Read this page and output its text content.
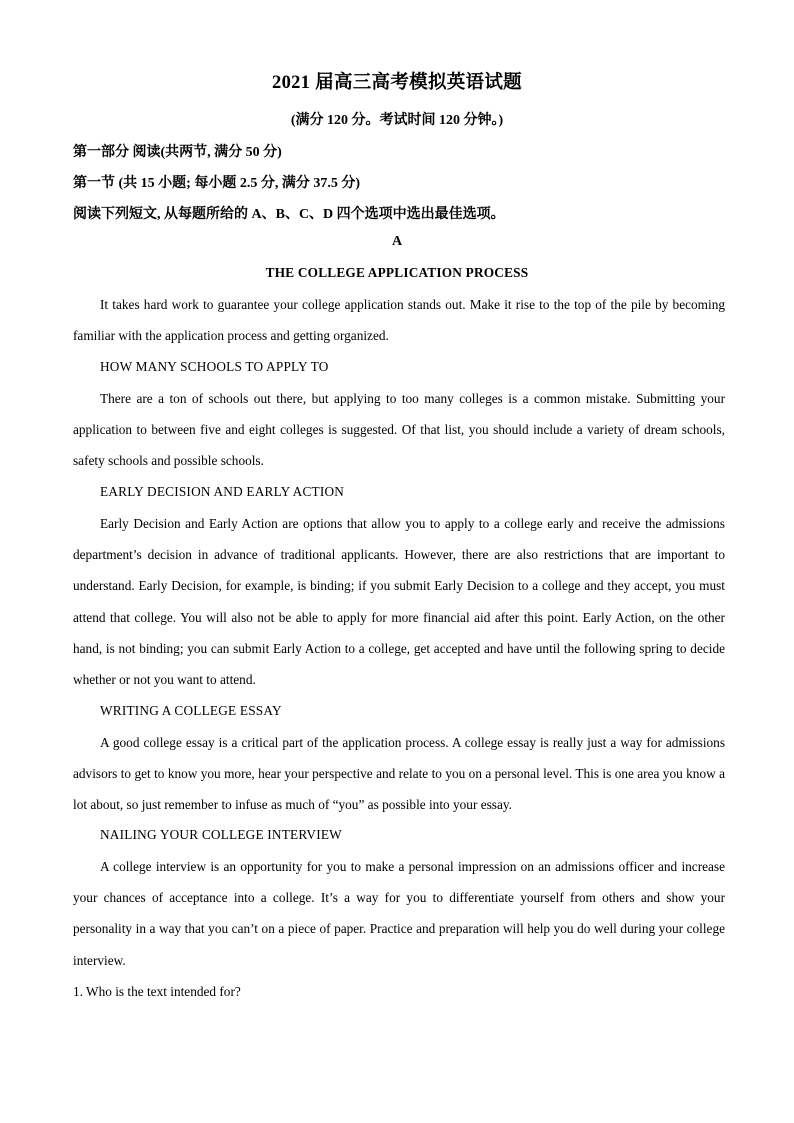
2021 届高三高考模拟英语试题
(满分 120 分。考试时间 120 分钟。)
第一部分 阅读(共两节, 满分 50 分)
第一节 (共 15 小题; 每小题 2.5 分, 满分 37.5 分)
阅读下列短文, 从每题所给的 A、B、C、D 四个选项中选出最佳选项。
A
THE COLLEGE APPLICATION PROCESS
It takes hard work to guarantee your college application stands out. Make it rise to the top of the pile by becoming familiar with the application process and getting organized.
HOW MANY SCHOOLS TO APPLY TO
There are a ton of schools out there, but applying to too many colleges is a common mistake. Submitting your application to between five and eight colleges is suggested. Of that list, you should include a variety of dream schools, safety schools and possible schools.
EARLY DECISION AND EARLY ACTION
Early Decision and Early Action are options that allow you to apply to a college early and receive the admissions department’s decision in advance of traditional applicants. However, there are also restrictions that are important to understand. Early Decision, for example, is binding; if you submit Early Decision to a college and they accept, you must attend that college. You will also not be able to apply for more financial aid after this point. Early Action, on the other hand, is not binding; you can submit Early Action to a college, get accepted and have until the following spring to decide whether or not you want to attend.
WRITING A COLLEGE ESSAY
A good college essay is a critical part of the application process. A college essay is really just a way for admissions advisors to get to know you more, hear your perspective and relate to you on a personal level. This is one area you know a lot about, so just remember to infuse as much of “you” as possible into your essay.
NAILING YOUR COLLEGE INTERVIEW
A college interview is an opportunity for you to make a personal impression on an admissions officer and increase your chances of acceptance into a college. It’s a way for you to differentiate yourself from others and show your personality in a way that you can’t on a piece of paper. Practice and preparation will help you do well during your college interview.
1. Who is the text intended for?
